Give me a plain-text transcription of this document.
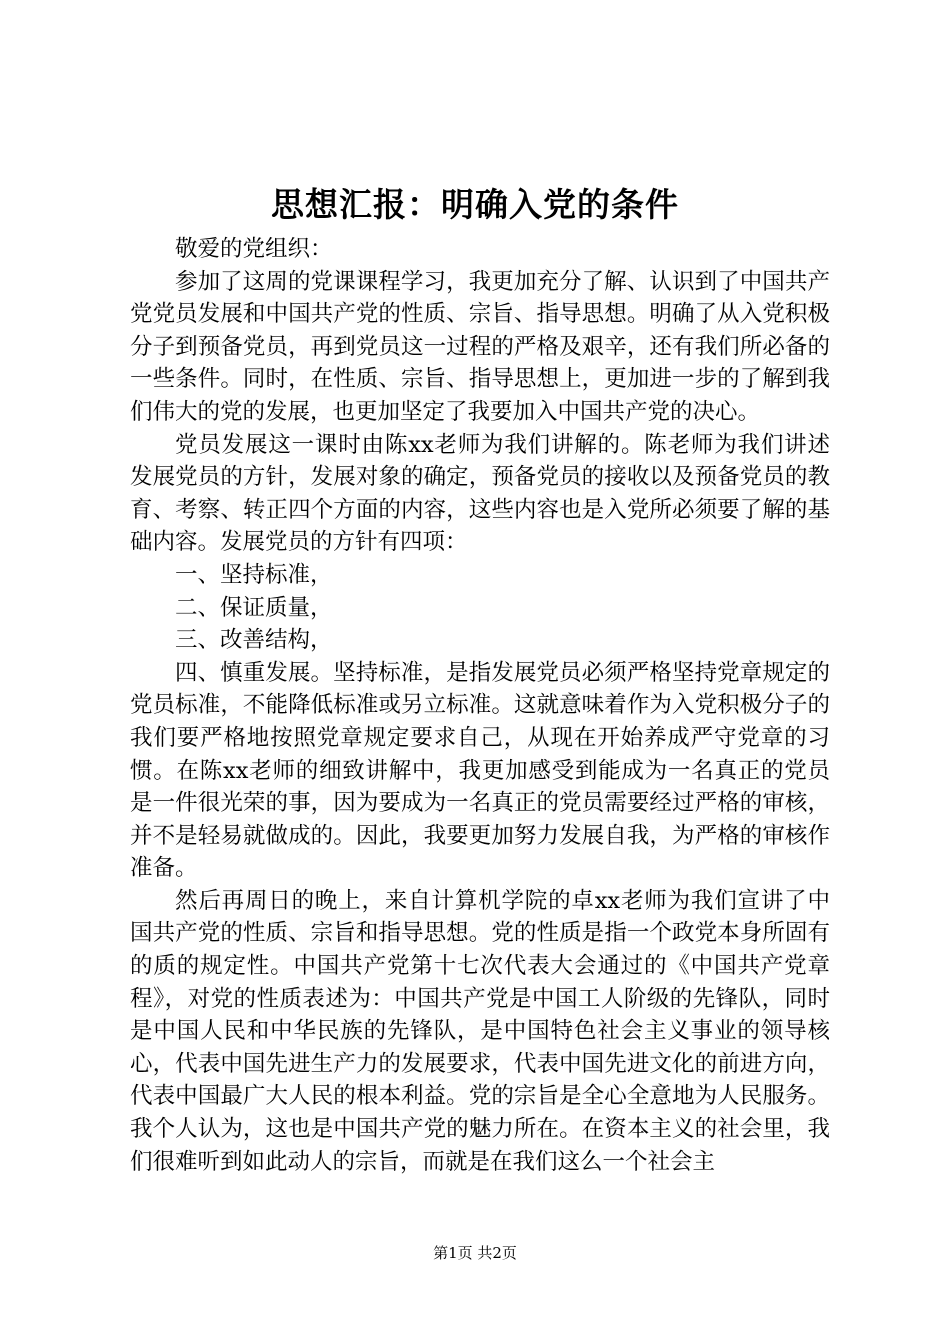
思想汇报：明确入党的条件

敬爱的党组织：

参加了这周的党课课程学习，我更加充分了解、认识到了中国共产党党员发展和中国共产党的性质、宗旨、指导思想。明确了从入党积极分子到预备党员，再到党员这一过程的严格及艰辛，还有我们所必备的一些条件。同时，在性质、宗旨、指导思想上，更加进一步的了解到我们伟大的党的发展，也更加坚定了我要加入中国共产党的决心。

党员发展这一课时由陈xx老师为我们讲解的。陈老师为我们讲述发展党员的方针，发展对象的确定，预备党员的接收以及预备党员的教育、考察、转正四个方面的内容，这些内容也是入党所必须要了解的基础内容。发展党员的方针有四项：

一、坚持标准，

二、保证质量，

三、改善结构，

四、慎重发展。坚持标准，是指发展党员必须严格坚持党章规定的党员标准，不能降低标准或另立标准。这就意味着作为入党积极分子的我们要严格地按照党章规定要求自己，从现在开始养成严守党章的习惯。在陈xx老师的细致讲解中，我更加感受到能成为一名真正的党员是一件很光荣的事，因为要成为一名真正的党员需要经过严格的审核，并不是轻易就做成的。因此，我要更加努力发展自我，为严格的审核作准备。

然后再周日的晚上，来自计算机学院的卓xx老师为我们宣讲了中国共产党的性质、宗旨和指导思想。党的性质是指一个政党本身所固有的质的规定性。中国共产党第十七次代表大会通过的《中国共产党章程》，对党的性质表述为：中国共产党是中国工人阶级的先锋队，同时是中国人民和中华民族的先锋队，是中国特色社会主义事业的领导核心，代表中国先进生产力的发展要求，代表中国先进文化的前进方向，代表中国最广大人民的根本利益。党的宗旨是全心全意地为人民服务。我个人认为，这也是中国共产党的魅力所在。在资本主义的社会里，我们很难听到如此动人的宗旨，而就是在我们这么一个社会主

第1页 共2页
